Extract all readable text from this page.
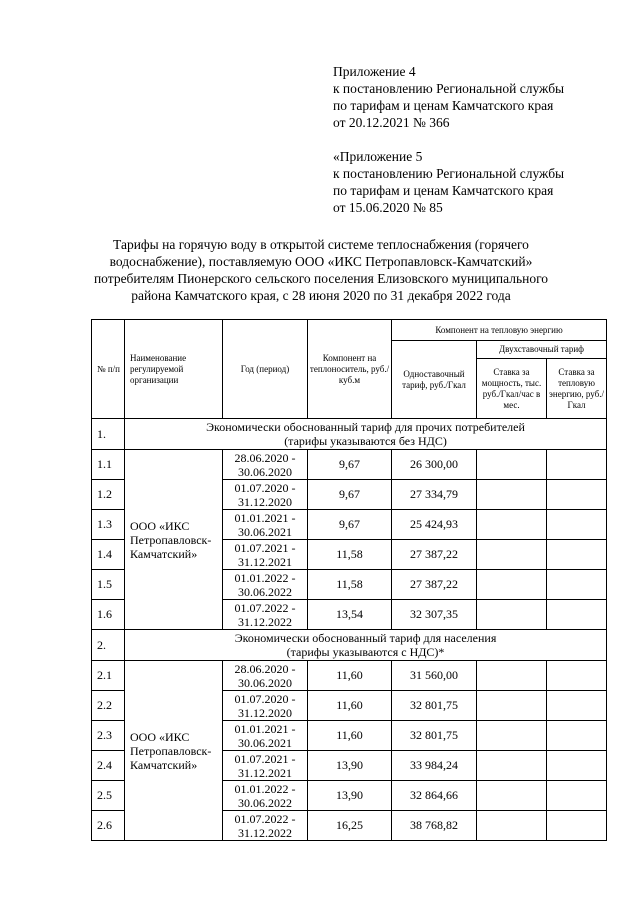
Приложение 4
к постановлению Региональной службы
по тарифам и ценам Камчатского края
от 20.12.2021 № 366
«Приложение 5
к постановлению Региональной службы
по тарифам и ценам Камчатского края
от 15.06.2020 № 85
Тарифы на горячую воду в открытой системе теплоснабжения (горячего
водоснабжение), поставляемую ООО «ИКС Петропавловск-Камчатский»
потребителям Пионерского сельского поселения Елизовского муниципального
района Камчатского края, с 28 июня 2020 по 31 декабря 2022 года
№ п/п	Наименование регулируемой организации	Год (период)	Компонент на теплоноситель, руб./куб.м	Компонент на тепловую энергию		
				Одноставочный тариф, руб./Гкал	Двухставочный тариф	
					Ставка за мощность, тыс. руб./Гкал/час в мес.	Ставка за тепловую энергию, руб./Гкал
1.	Экономически обоснованный тариф для прочих потребителей
(тарифы указываются без НДС)					

1.1	ООО «ИКС Петропавловск-Камчатский»	28.06.2020 -
30.06.2020	9,67	26 300,00		
1.2		01.07.2020 -
31.12.2020	9,67	27 334,79		
1.3		01.01.2021 -
30.06.2021	9,67	25 424,93		
1.4		01.07.2021 -
31.12.2021	11,58	27 387,22		
1.5		01.01.2022 -
30.06.2022	11,58	27 387,22		
1.6		01.07.2022 -
31.12.2022	13,54	32 307,35		
2.	Экономически обоснованный тариф для населения
(тарифы указываются с НДС)*					

2.1	ООО «ИКС Петропавловск-Камчатский»	28.06.2020 -
30.06.2020	11,60	31 560,00		
2.2		01.07.2020 -
31.12.2020	11,60	32 801,75		
2.3		01.01.2021 -
30.06.2021	11,60	32 801,75		
2.4		01.07.2021 -
31.12.2021	13,90	33 984,24		
2.5		01.01.2022 -
30.06.2022	13,90	32 864,66		
2.6		01.07.2022 -
31.12.2022	16,25	38 768,82		
